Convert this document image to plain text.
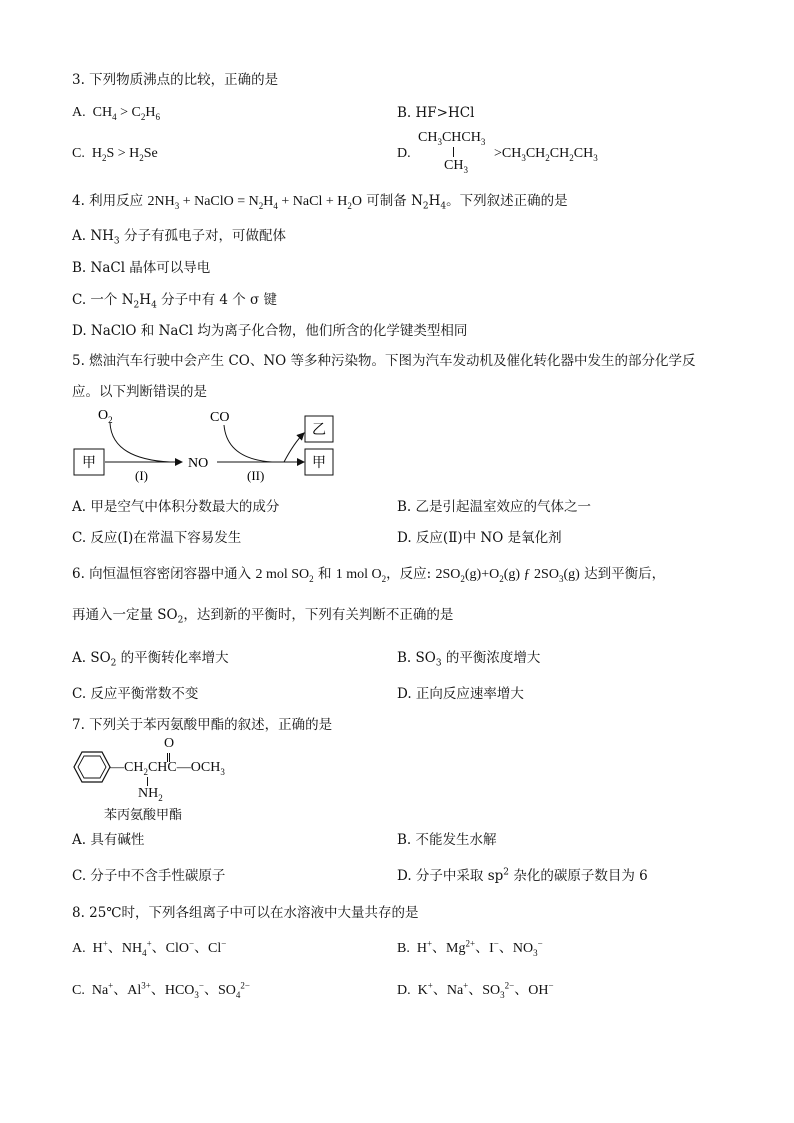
3. 下列物质沸点的比较，正确的是
A. $CH_4 > C_2H_6$	B. HF>HCl
C. $H_2S > H_2Se$	D.
$CH_3CHCH_3$
$CH_3$
$>CH_3CH_2CH_2CH_3$
4. 利用反应 $2NH_3$ + NaClO = $N_2H_4$ + NaCl + $H_2O$ 可制备 $N_2H_4$。下列叙述正确的是
A. $NH_3$ 分子有孤电子对，可做配体
B. NaCl 晶体可以导电
C. 一个 $N_2H_4$ 分子中有 4 个 σ 键
D. NaClO 和 NaCl 均为离子化合物，他们所含的化学键类型相同
5. 燃油汽车行驶中会产生 CO、NO 等多种污染物。下图为汽车发动机及催化转化器中发生的部分化学反
应。以下判断错误的是
甲
$O_2$
(I)
NO
CO
(II)
乙
甲
A. 甲是空气中体积分数最大的成分	B. 乙是引起温室效应的气体之一
C. 反应(Ⅰ)在常温下容易发生	D. 反应(Ⅱ)中 NO 是氧化剂
6. 向恒温恒容密闭容器中通入 2 mol $SO_2$ 和 1 mol $O_2$，反应: $2SO_2(g)+O_2(g)$ ƒ $2SO_3(g)$ 达到平衡后，
再通入一定量 $SO_2$，达到新的平衡时，下列有关判断不正确的是
A. $SO_2$ 的平衡转化率增大	B. $SO_3$ 的平衡浓度增大
C. 反应平衡常数不变	D. 正向反应速率增大
7. 下列关于苯丙氨酸甲酯的叙述，正确的是
O
$—CH_2CHC—OCH_3$
$NH_2$
苯丙氨酸甲酯
A. 具有碱性	B. 不能发生水解
C. 分子中不含手性碳原子	D. 分子中采取 $sp^2$ 杂化的碳原子数目为 6
8. 25℃时，下列各组离子中可以在水溶液中大量共存的是
A. H+、$NH_4^+$、ClO−、Cl−	B. H+、$Mg^{2+}$、I−、$NO_3^-$
C. Na+、$Al^{3+}$、$HCO_3^-$、$SO_4^{2-}$	D. K+、Na+、$SO_3^{2-}$、OH−
